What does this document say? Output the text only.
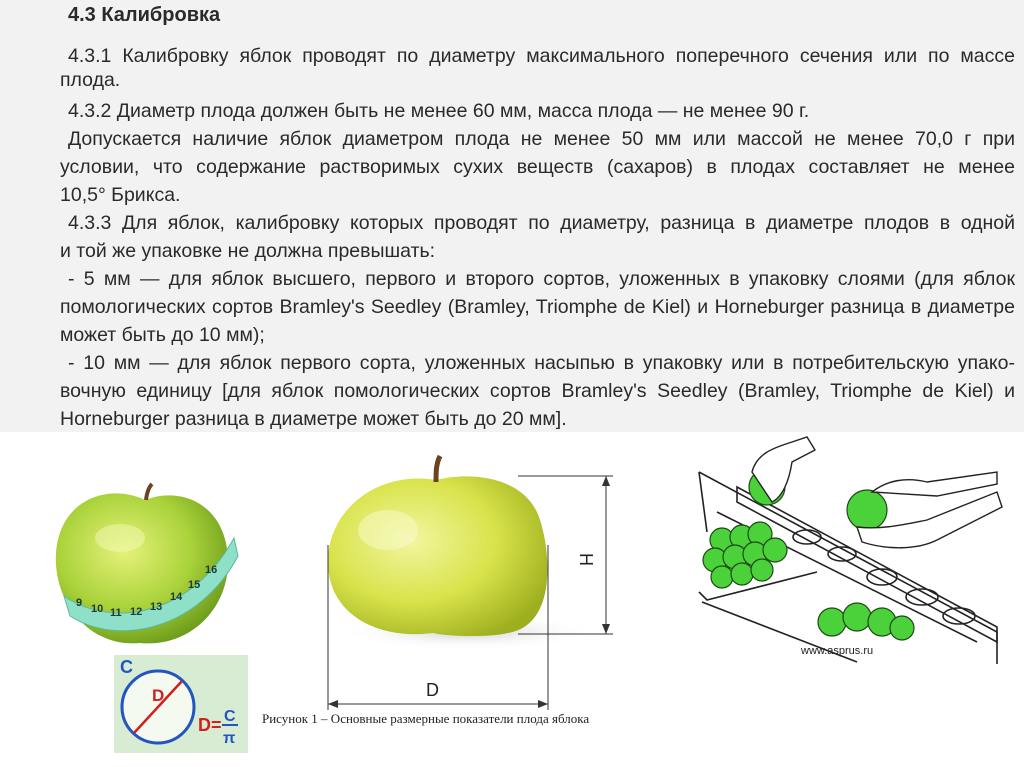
4.3 Калибровка
4.3.1 Калибровку яблок проводят по диаметру максимального поперечного сечения или по массе
плода.
4.3.2 Диаметр плода должен быть не менее 60 мм, масса плода — не менее 90 г.
Допускается наличие яблок диаметром плода не менее 50 мм или массой не менее 70,0 г при
условии, что содержание растворимых сухих веществ (сахаров) в плодах составляет не менее
10,5° Брикса.
4.3.3 Для яблок, калибровку которых проводят по диаметру, разница в диаметре плодов в одной
и той же упаковке не должна превышать:
- 5 мм — для яблок высшего, первого и второго сортов, уложенных в упаковку слоями (для яблок
помологических сортов Bramley's Seedley (Bramley, Triomphe de Kiel) и Horneburger разница в диаметре
может быть до 10 мм);
- 10 мм — для яблок первого сорта, уложенных насыпью в упаковку или в потребительскую упако-
вочную единицу [для яблок помологических сортов Bramley's Seedley (Bramley, Triomphe de Kiel) и
Horneburger разница в диаметре может быть до 20 мм].
16
15
14
13
12
11
10
9
C
D
D= C
π
H
D
Рисунок 1 – Основные размерные показатели плода яблока
www.asprus.ru
